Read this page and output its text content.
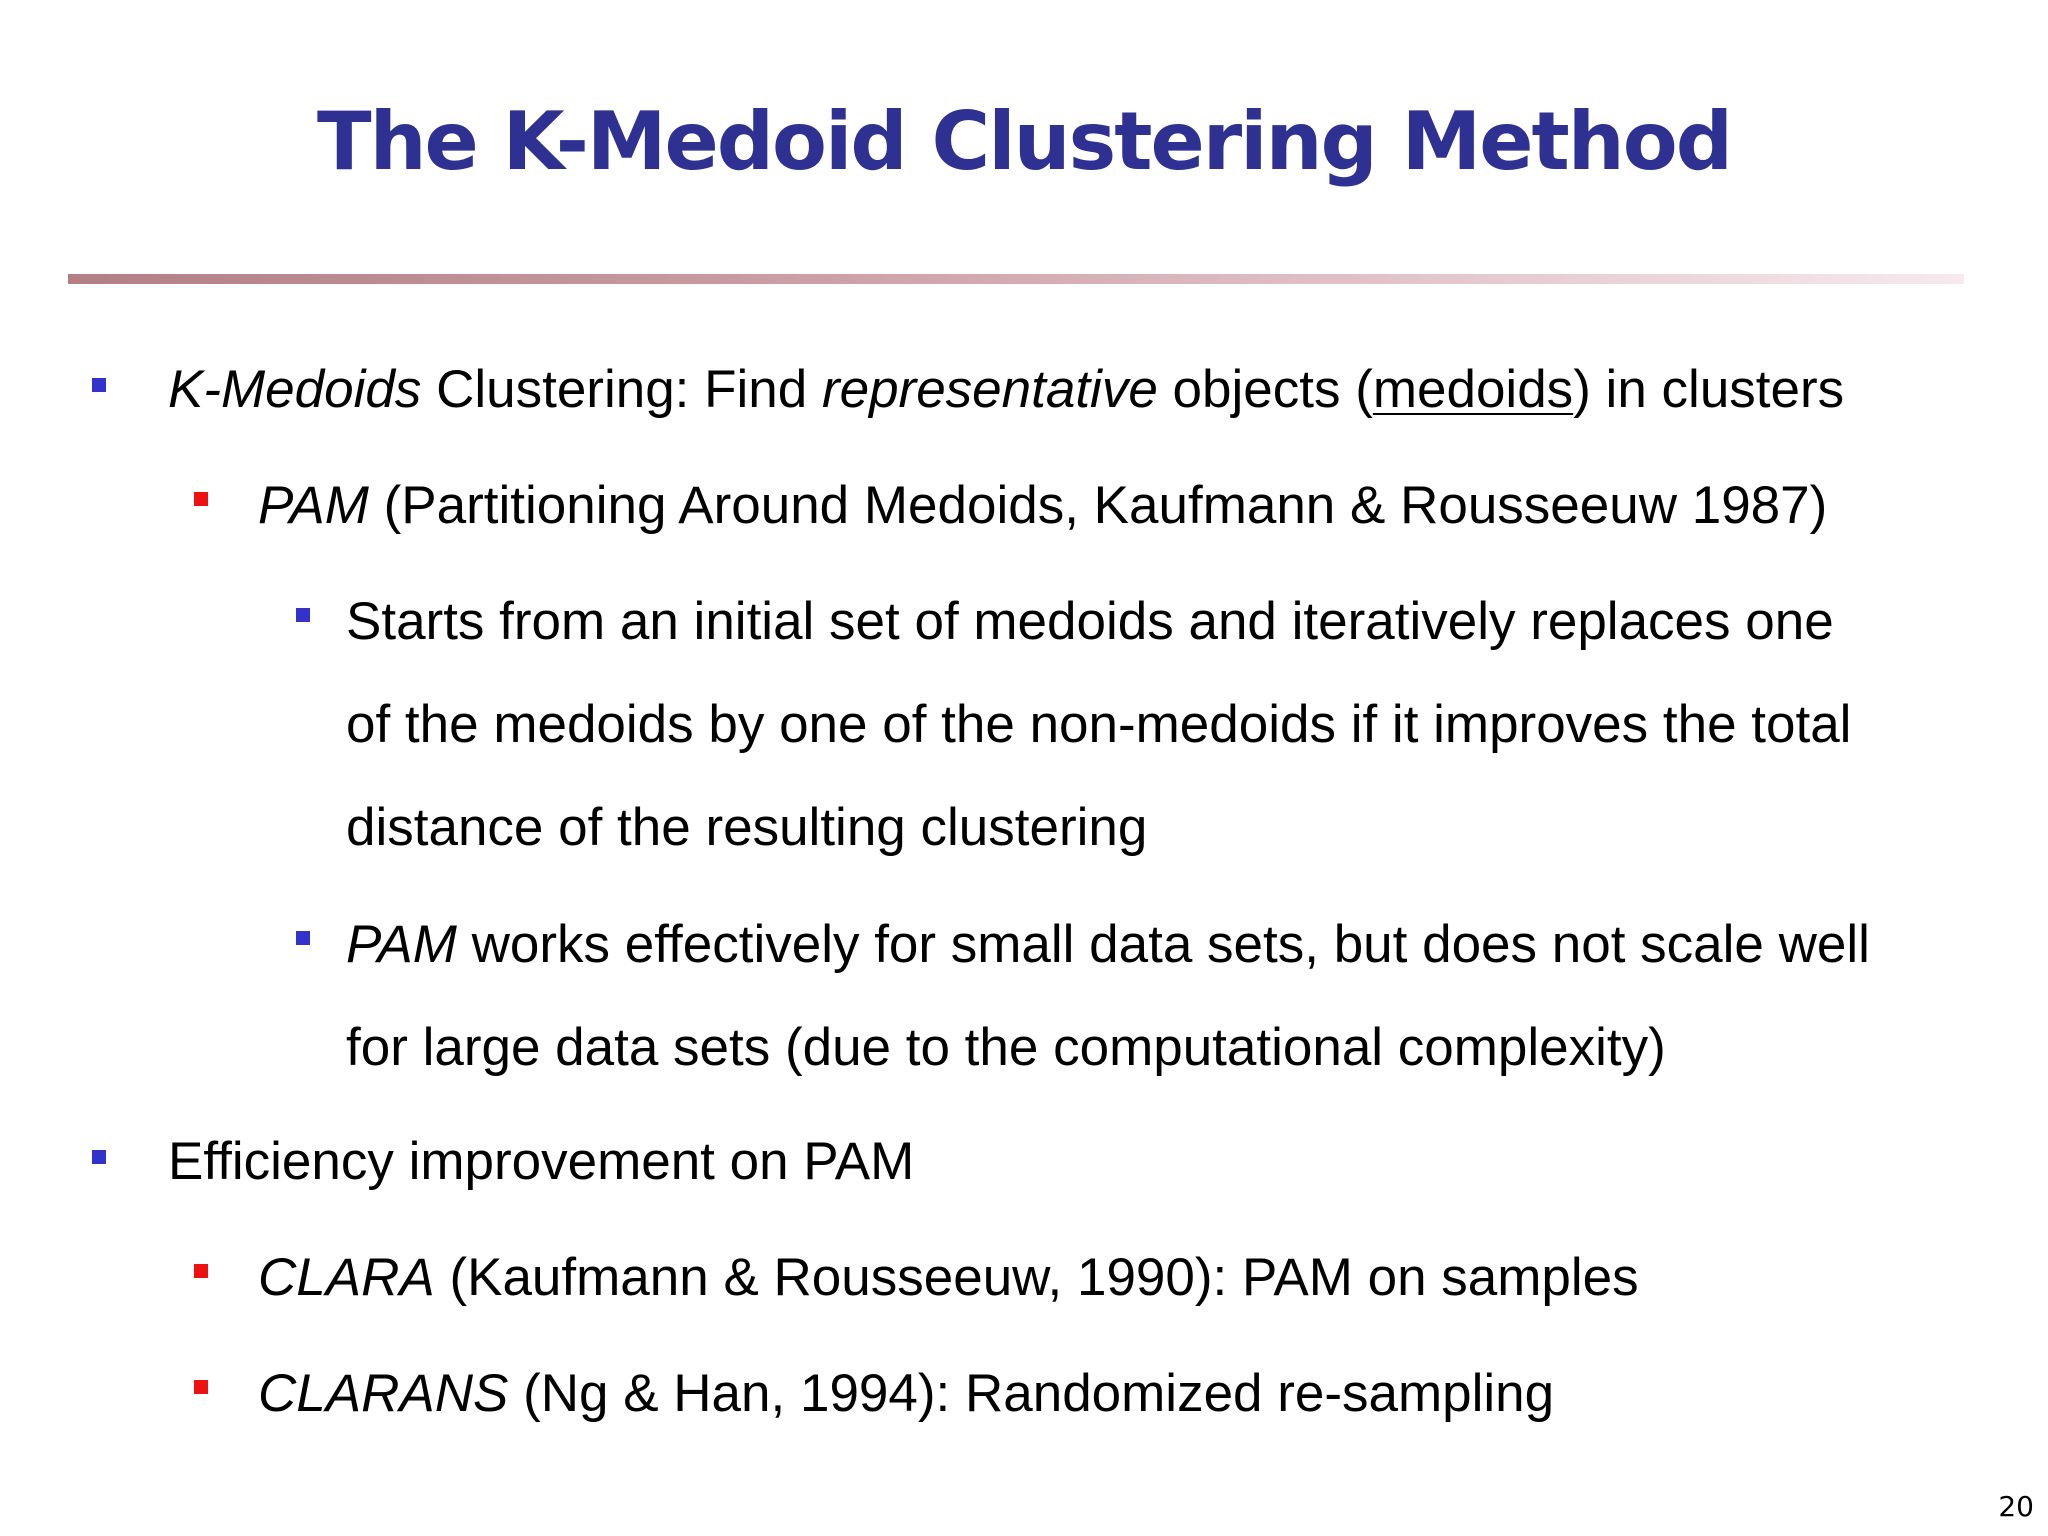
The K-Medoid Clustering Method
K-Medoids Clustering: Find representative objects (medoids) in clusters
PAM (Partitioning Around Medoids, Kaufmann & Rousseeuw 1987)
Starts from an initial set of medoids and iteratively replaces one
of the medoids by one of the non-medoids if it improves the total
distance of the resulting clustering
PAM works effectively for small data sets, but does not scale well
for large data sets (due to the computational complexity)
Efficiency improvement on PAM
CLARA (Kaufmann & Rousseeuw, 1990): PAM on samples
CLARANS (Ng & Han, 1994): Randomized re-sampling
20
